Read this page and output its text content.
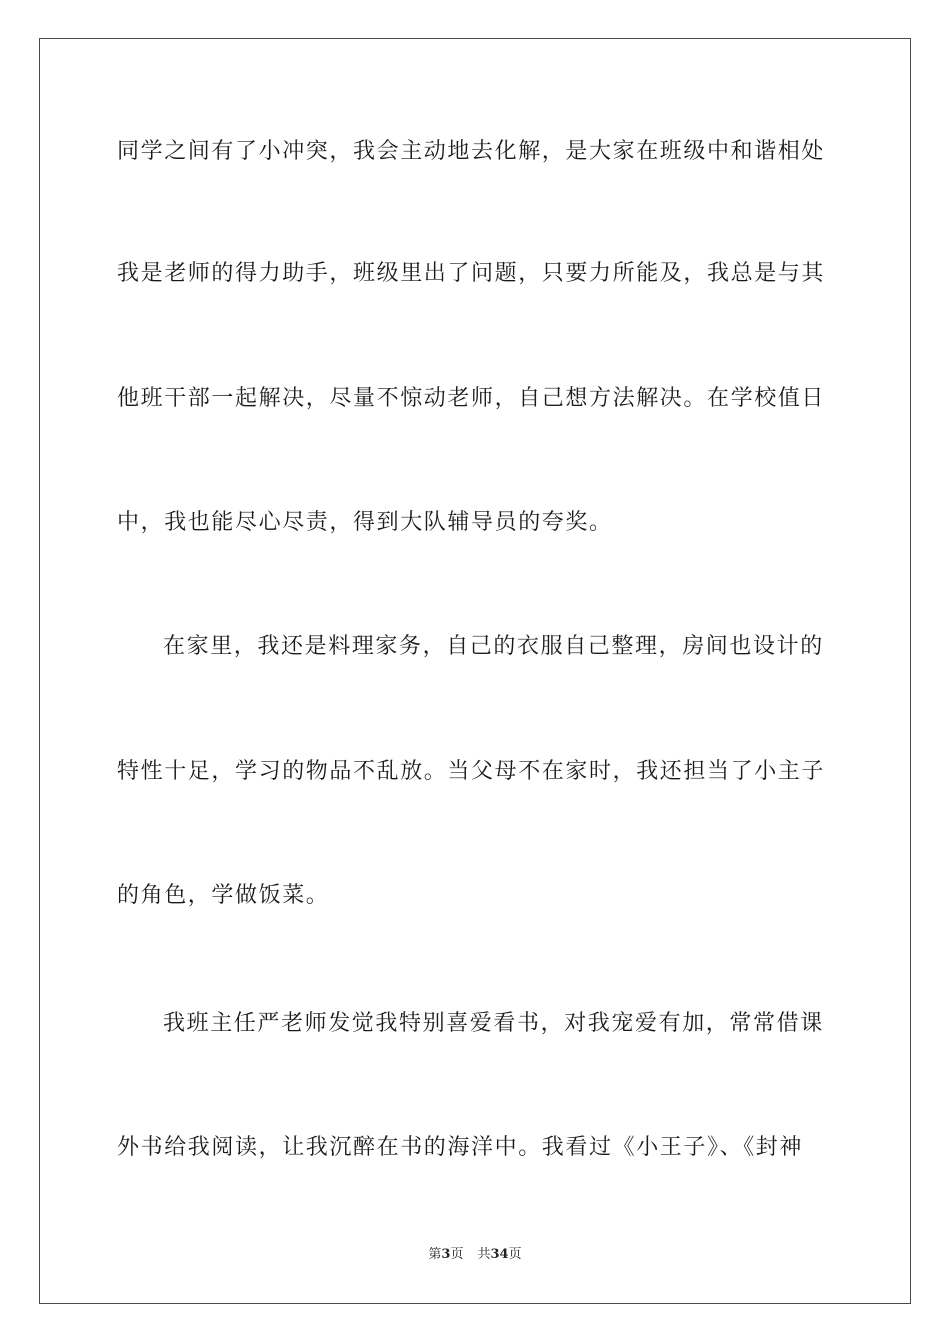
同学之间有了小冲突，我会主动地去化解，是大家在班级中和谐相处
我是老师的得力助手，班级里出了问题，只要力所能及，我总是与其
他班干部一起解决，尽量不惊动老师，自己想方法解决。在学校值日
中，我也能尽心尽责，得到大队辅导员的夸奖。
在家里，我还是料理家务，自己的衣服自己整理，房间也设计的
特性十足，学习的物品不乱放。当父母不在家时，我还担当了小主子
的角色，学做饭菜。
我班主任严老师发觉我特别喜爱看书，对我宠爱有加，常常借课
外书给我阅读，让我沉醉在书的海洋中。我看过《小王子》、《封神
第3页 共34页
